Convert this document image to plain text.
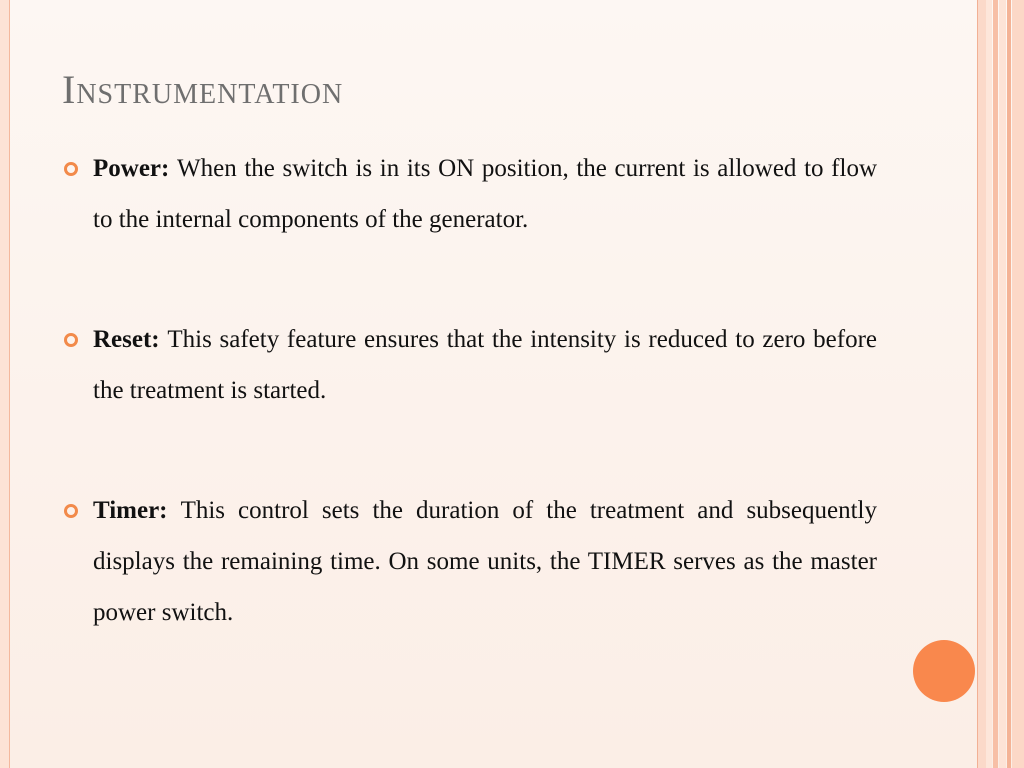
Instrumentation
Power: When the switch is in its ON position, the current is allowed to flow to the internal components of the generator.
Reset: This safety feature ensures that the intensity is reduced to zero before the treatment is started.
Timer: This control sets the duration of the treatment and subsequently displays the remaining time. On some units, the TIMER serves as the master power switch.
